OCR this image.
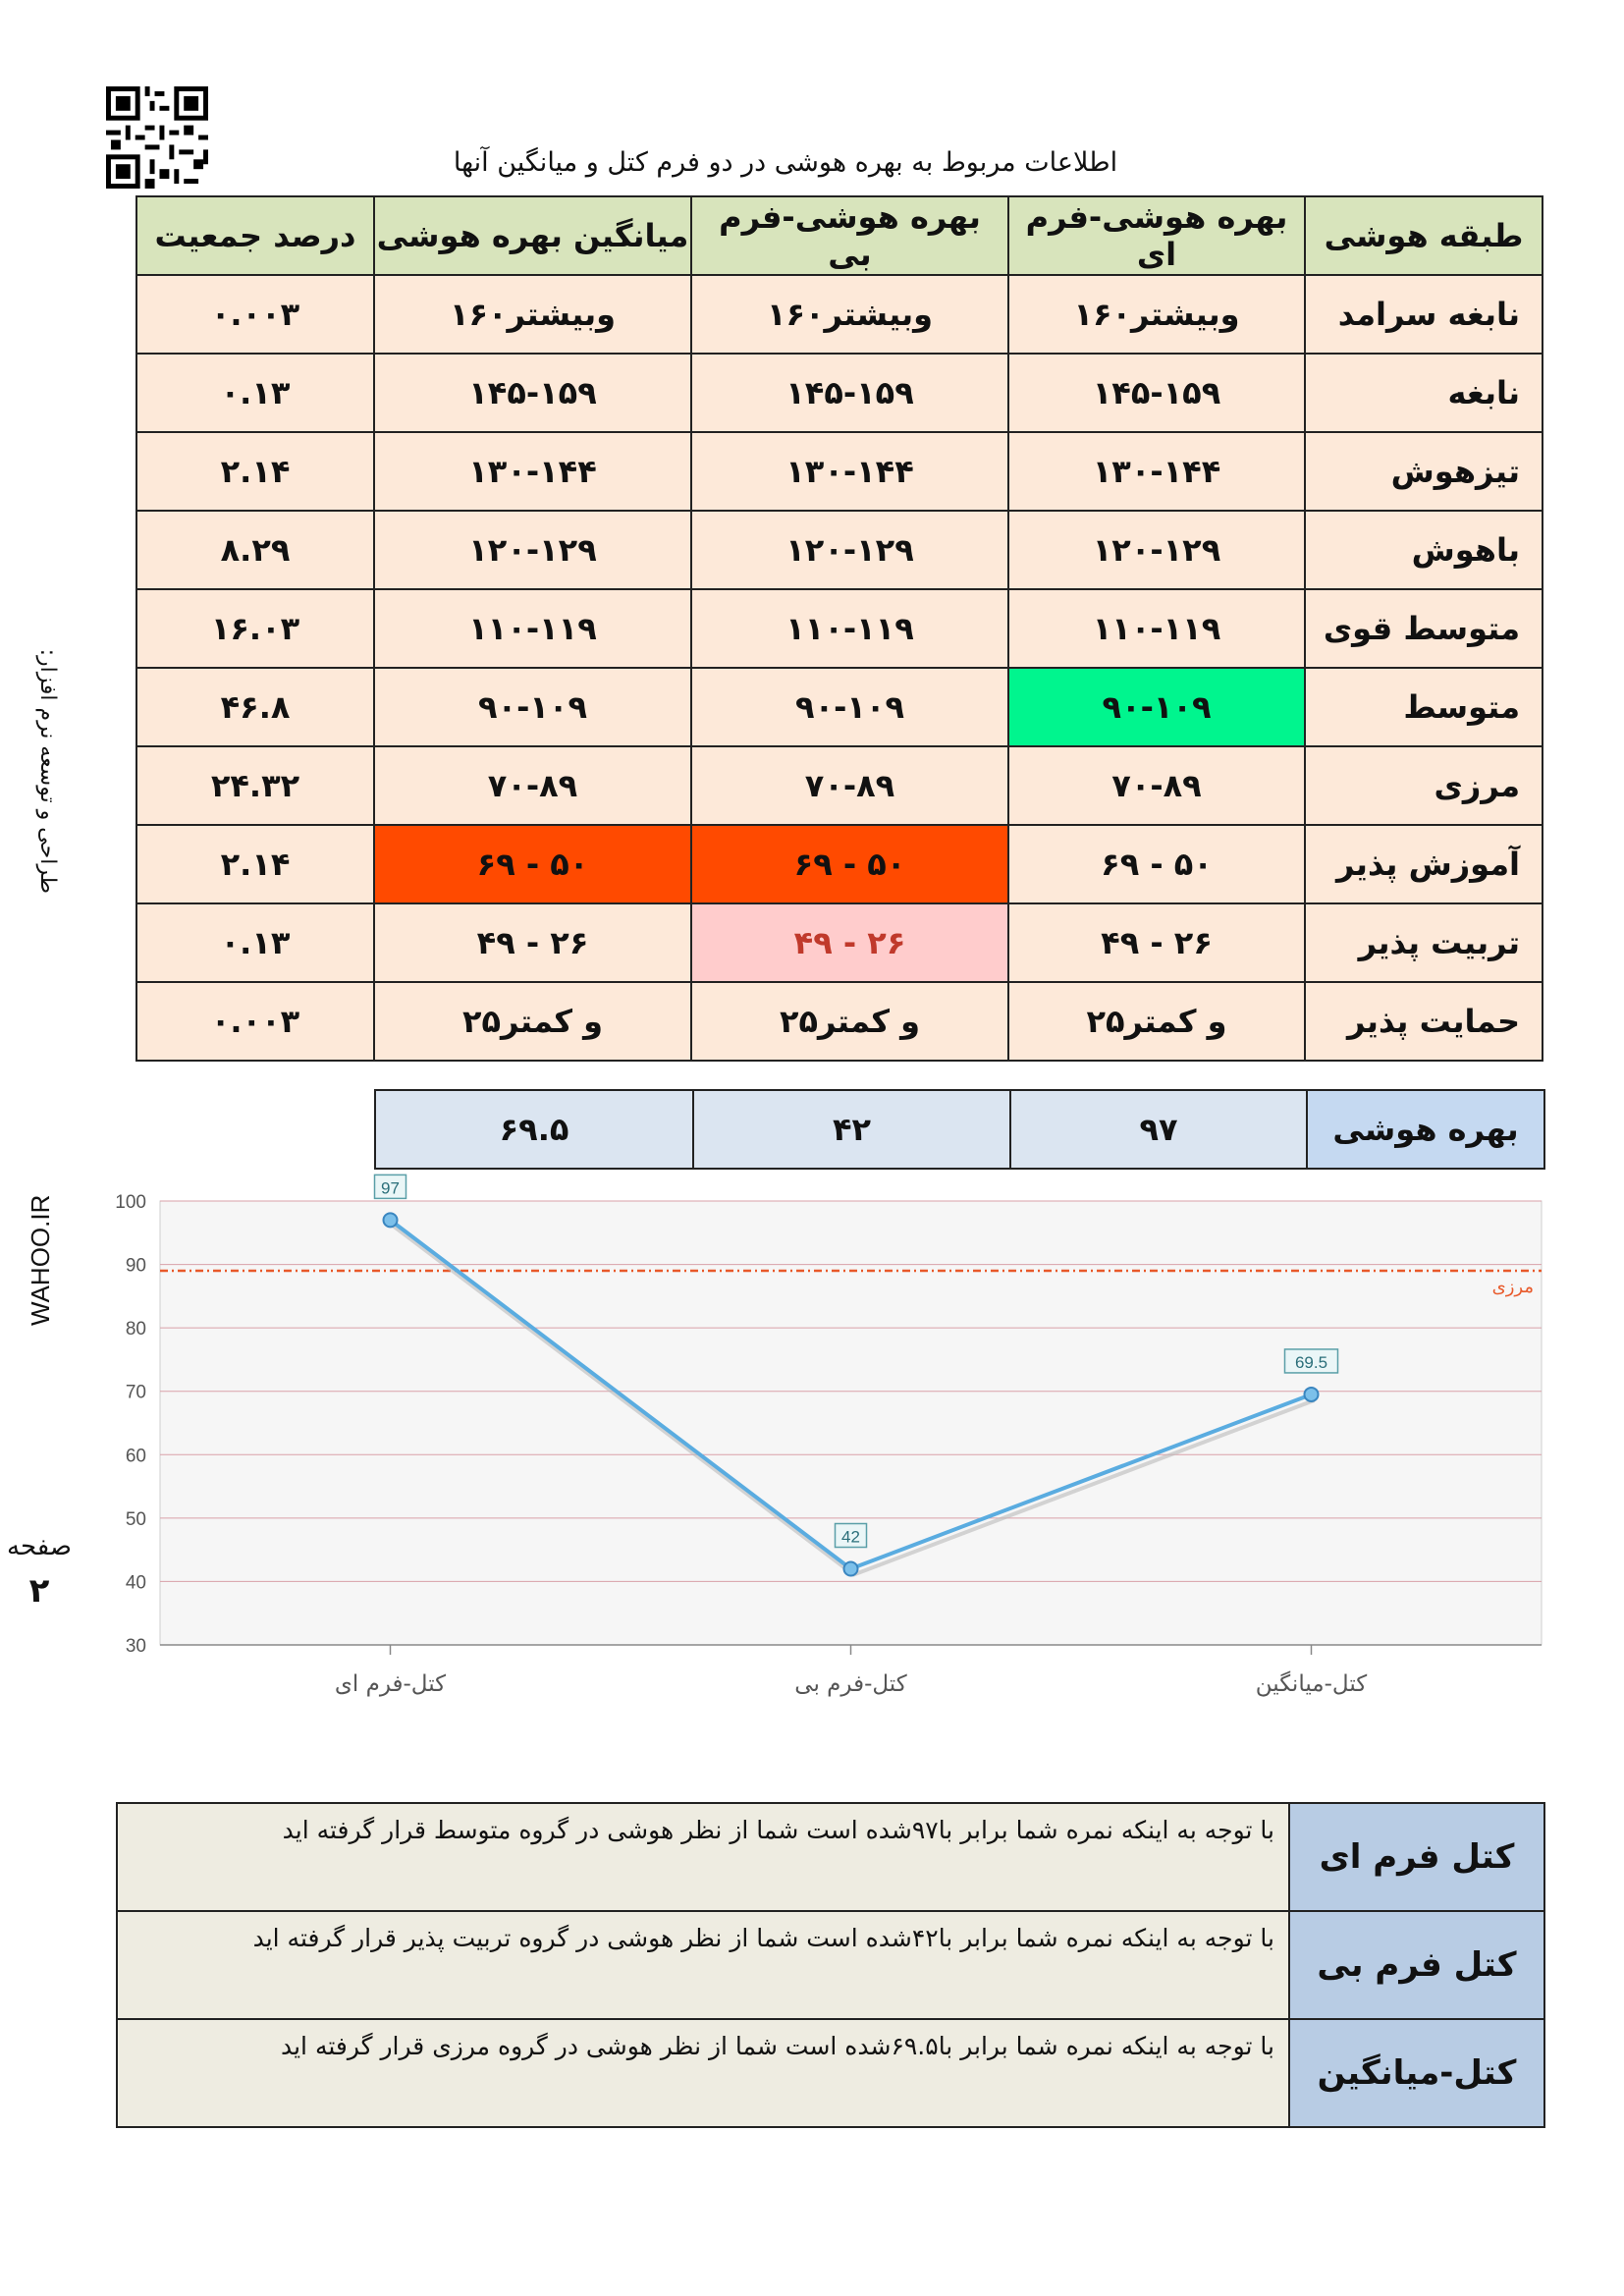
اطلاعات مربوط به بهره هوشی در دو فرم کتل و میانگین آنها
طبقه هوشی	بهره هوشی-فرم ای	بهره هوشی-فرم بی	میانگین بهره هوشی	درصد جمعیت
نابغه سرامد	وبیشتر۱۶۰	وبیشتر۱۶۰	وبیشتر۱۶۰	۰.۰۰۳
نابغه	۱۴۵-۱۵۹	۱۴۵-۱۵۹	۱۴۵-۱۵۹	۰.۱۳
تیزهوش	۱۳۰-۱۴۴	۱۳۰-۱۴۴	۱۳۰-۱۴۴	۲.۱۴
باهوش	۱۲۰-۱۲۹	۱۲۰-۱۲۹	۱۲۰-۱۲۹	۸.۲۹
متوسط قوی	۱۱۰-۱۱۹	۱۱۰-۱۱۹	۱۱۰-۱۱۹	۱۶.۰۳
متوسط	۹۰-۱۰۹	۹۰-۱۰۹	۹۰-۱۰۹	۴۶.۸
مرزی	۷۰-۸۹	۷۰-۸۹	۷۰-۸۹	۲۴.۳۲
آموزش پذیر	۵۰ - ۶۹	۵۰ - ۶۹	۵۰ - ۶۹	۲.۱۴
تربیت پذیر	۲۶ - ۴۹	۲۶ - ۴۹	۲۶ - ۴۹	۰.۱۳
حمایت پذیر	و کمتر۲۵	و کمتر۲۵	و کمتر۲۵	۰.۰۰۳
بهره هوشی	۹۷	۴۲	۶۹.۵
طراحی و توسعه نرم افزار:
WAHOO.IR
صفحه
۲
30
40
50
60
70
80
90
100
مرزی
97
42
69.5
کتل-فرم ای	کتل-فرم بی	کتل-میانگین
کتل فرم ای	با توجه به اینکه نمره شما برابر با۹۷شده است شما از نظر هوشی در گروه متوسط قرار گرفته اید
کتل فرم بی	با توجه به اینکه نمره شما برابر با۴۲شده است شما از نظر هوشی در گروه تربیت پذیر قرار گرفته اید
کتل-میانگین	با توجه به اینکه نمره شما برابر با۶۹.۵شده است شما از نظر هوشی در گروه مرزی قرار گرفته اید
